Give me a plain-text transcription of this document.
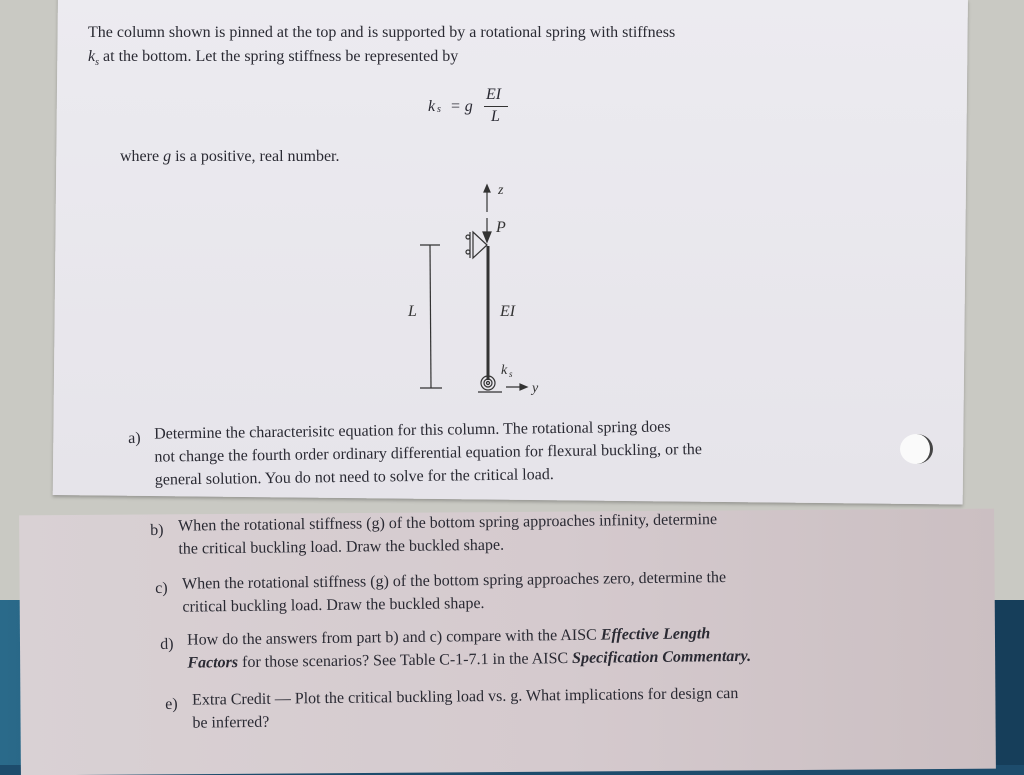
The column shown is pinned at the top and is supported by a rotational spring with stiffness
$k_s$ at the bottom. Let the spring stiffness be represented by
k s = g
EI
L
where g is a positive, real number.
z
P
L	EI
k s
y
a) Determine the characterisitc equation for this column. The rotational spring does
not change the fourth order ordinary differential equation for flexural buckling, or the
general solution. You do not need to solve for the critical load.
b) When the rotational stiffness (g) of the bottom spring approaches infinity, determine
the critical buckling load. Draw the buckled shape.
c) When the rotational stiffness (g) of the bottom spring approaches zero, determine the
critical buckling load. Draw the buckled shape.
d) How do the answers from part b) and c) compare with the AISC Effective Length
Factors for those scenarios? See Table C-1-7.1 in the AISC Specification Commentary.
e) Extra Credit — Plot the critical buckling load vs. g. What implications for design can
be inferred?
